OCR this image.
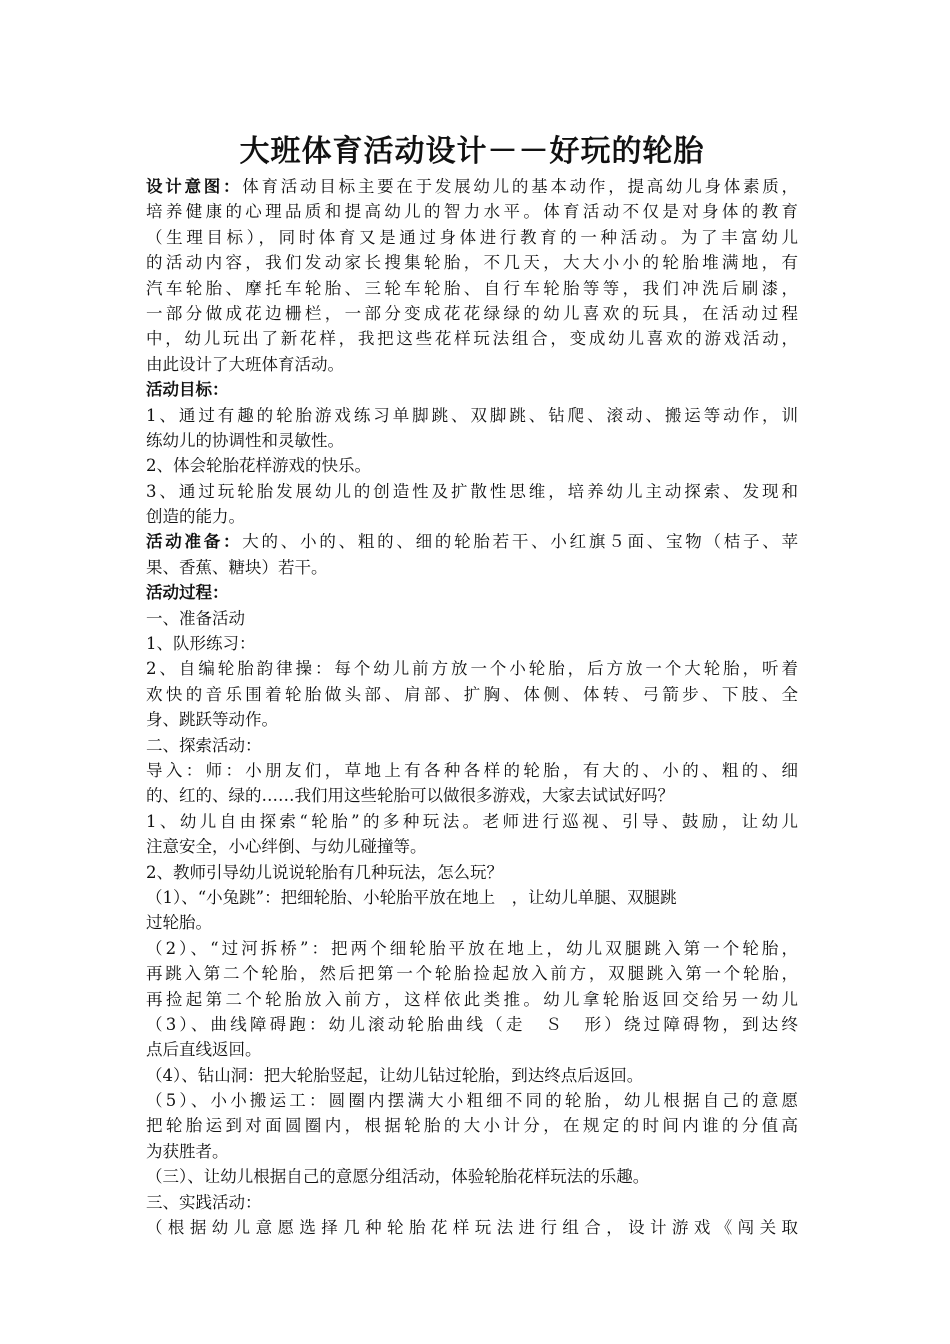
大班体育活动设计－－好玩的轮胎

设计意图：体育活动目标主要在于发展幼儿的基本动作，提高幼儿身体素质，

培养健康的心理品质和提高幼儿的智力水平。体育活动不仅是对身体的教育

（生理目标），同时体育又是通过身体进行教育的一种活动。为了丰富幼儿

的活动内容，我们发动家长搜集轮胎，不几天，大大小小的轮胎堆满地，有

汽车轮胎、摩托车轮胎、三轮车轮胎、自行车轮胎等等，我们冲洗后刷漆，

一部分做成花边栅栏，一部分变成花花绿绿的幼儿喜欢的玩具，在活动过程

中，幼儿玩出了新花样，我把这些花样玩法组合，变成幼儿喜欢的游戏活动，

由此设计了大班体育活动。

活动目标：

1、通过有趣的轮胎游戏练习单脚跳、双脚跳、钻爬、滚动、搬运等动作，训

练幼儿的协调性和灵敏性。

2、体会轮胎花样游戏的快乐。

3、通过玩轮胎发展幼儿的创造性及扩散性思维，培养幼儿主动探索、发现和

创造的能力。

活动准备：大的、小的、粗的、细的轮胎若干、小红旗５面、宝物（桔子、苹

果、香蕉、糖块）若干。

活动过程：

一、准备活动

1、队形练习：

2、自编轮胎韵律操：每个幼儿前方放一个小轮胎，后方放一个大轮胎，听着

欢快的音乐围着轮胎做头部、肩部、扩胸、体侧、体转、弓箭步、下肢、全

身、跳跃等动作。

二、探索活动：

导入：师：小朋友们，草地上有各种各样的轮胎，有大的、小的、粗的、细

的、红的、绿的……我们用这些轮胎可以做很多游戏，大家去试试好吗？

1、幼儿自由探索“轮胎”的多种玩法。老师进行巡视、引导、鼓励，让幼儿

注意安全，小心绊倒、与幼儿碰撞等。

2、教师引导幼儿说说轮胎有几种玩法，怎么玩？

（1）、“小兔跳”：把细轮胎、小轮胎平放在地上　，让幼儿单腿、双腿跳

过轮胎。

（2）、“过河拆桥”：把两个细轮胎平放在地上，幼儿双腿跳入第一个轮胎，

再跳入第二个轮胎，然后把第一个轮胎捡起放入前方，双腿跳入第一个轮胎，

再捡起第二个轮胎放入前方，这样依此类推。幼儿拿轮胎返回交给另一幼儿

（3）、曲线障碍跑：幼儿滚动轮胎曲线（走　Ｓ　形）绕过障碍物，到达终

点后直线返回。

（4）、钻山洞：把大轮胎竖起，让幼儿钻过轮胎，到达终点后返回。

（5）、小小搬运工：圆圈内摆满大小粗细不同的轮胎，幼儿根据自己的意愿

把轮胎运到对面圆圈内，根据轮胎的大小计分，在规定的时间内谁的分值高

为获胜者。

（三）、让幼儿根据自己的意愿分组活动，体验轮胎花样玩法的乐趣。

三、实践活动：

（根据幼儿意愿选择几种轮胎花样玩法进行组合，设计游戏《闯关取
